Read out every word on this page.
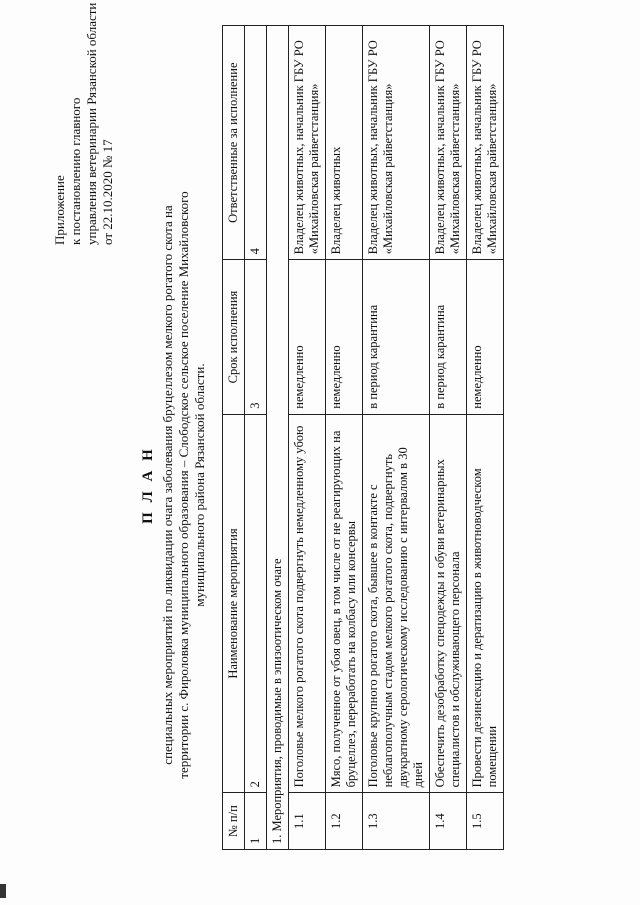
Приложение к постановлению главного управления ветеринарии Рязанской области от 22.10.2020 № 17
П Л А Н специальных мероприятий по ликвидации очага заболевания бруцеллезом мелкого рогатого скота на территории с. Фироловка муниципального образования – Слободское сельское поселение Михайловского муниципального района Рязанской области.
№ п/п	Наименование мероприятия	Срок исполнения	Ответственные за исполнение
1	2	3	4
1. Мероприятия, проводимые в эпизоотическом очаге			
1.1	Поголовье мелкого рогатого скота подвергнуть немедленному убою	немедленно	Владелец животных, начальник ГБУ РО «Михайловская райветстанция»
1.2	Мясо, полученное от убоя овец, в том числе от не реагирующих на бруцеллез, переработать на колбасу или консервы	немедленно	Владелец животных
1.3	Поголовье крупного рогатого скота, бывшее в контакте с неблагополучным стадом мелкого рогатого скота, подвергнуть двукратному серологическому исследованию с интервалом в 30 дней	в период карантина	Владелец животных, начальник ГБУ РО «Михайловская райветстанция»
1.4	Обеспечить дезобработку спецодежды и обуви ветеринарных специалистов и обслуживающего персонала	в период карантина	Владелец животных, начальник ГБУ РО «Михайловская райветстанция»
1.5	Провести дезинсекцию и дератизацию в животноводческом помещении	немедленно	Владелец животных, начальник ГБУ РО «Михайловская райветстанция»
